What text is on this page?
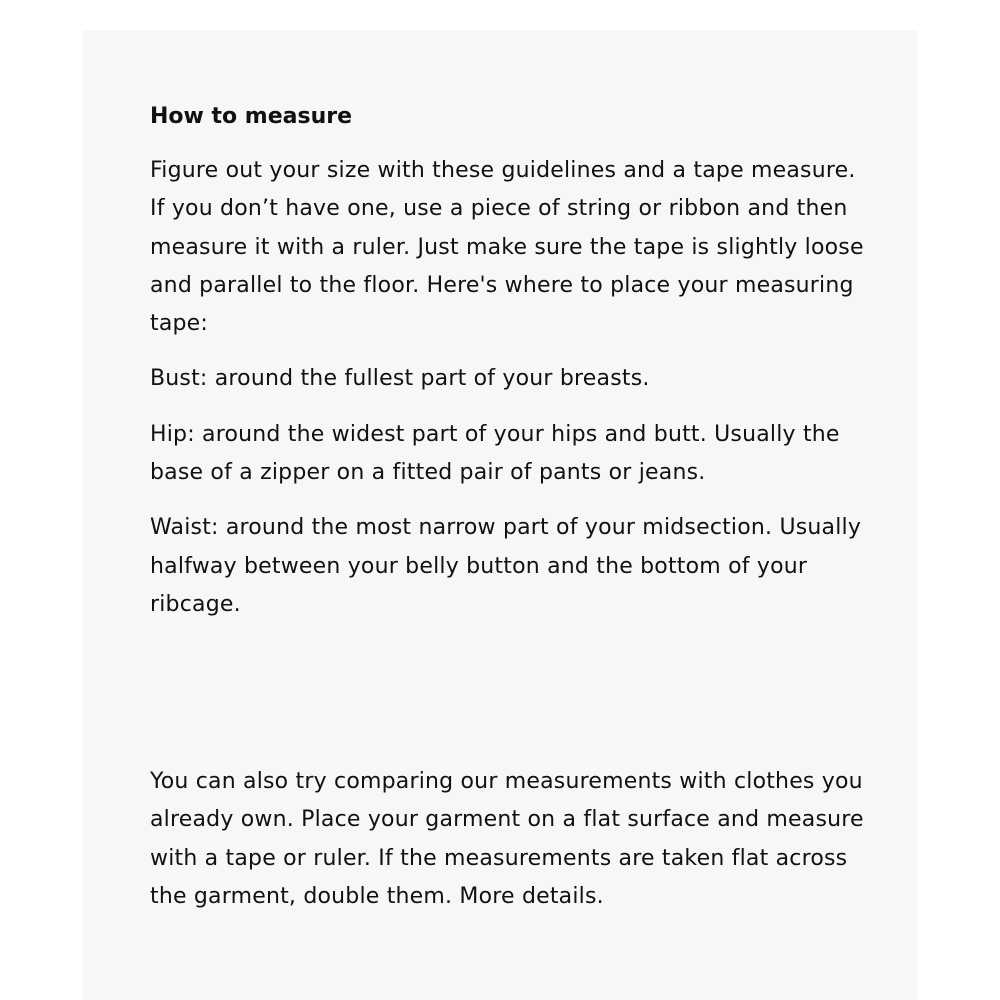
How to measure

Figure out your size with these guidelines and a tape measure. If you don’t have one, use a piece of string or ribbon and then measure it with a ruler. Just make sure the tape is slightly loose and parallel to the floor. Here's where to place your measuring tape:

Bust: around the fullest part of your breasts.

Hip: around the widest part of your hips and butt. Usually the base of a zipper on a fitted pair of pants or jeans.

Waist: around the most narrow part of your midsection. Usually halfway between your belly button and the bottom of your ribcage.

You can also try comparing our measurements with clothes you already own. Place your garment on a flat surface and measure with a tape or ruler. If the measurements are taken flat across the garment, double them. More details.
